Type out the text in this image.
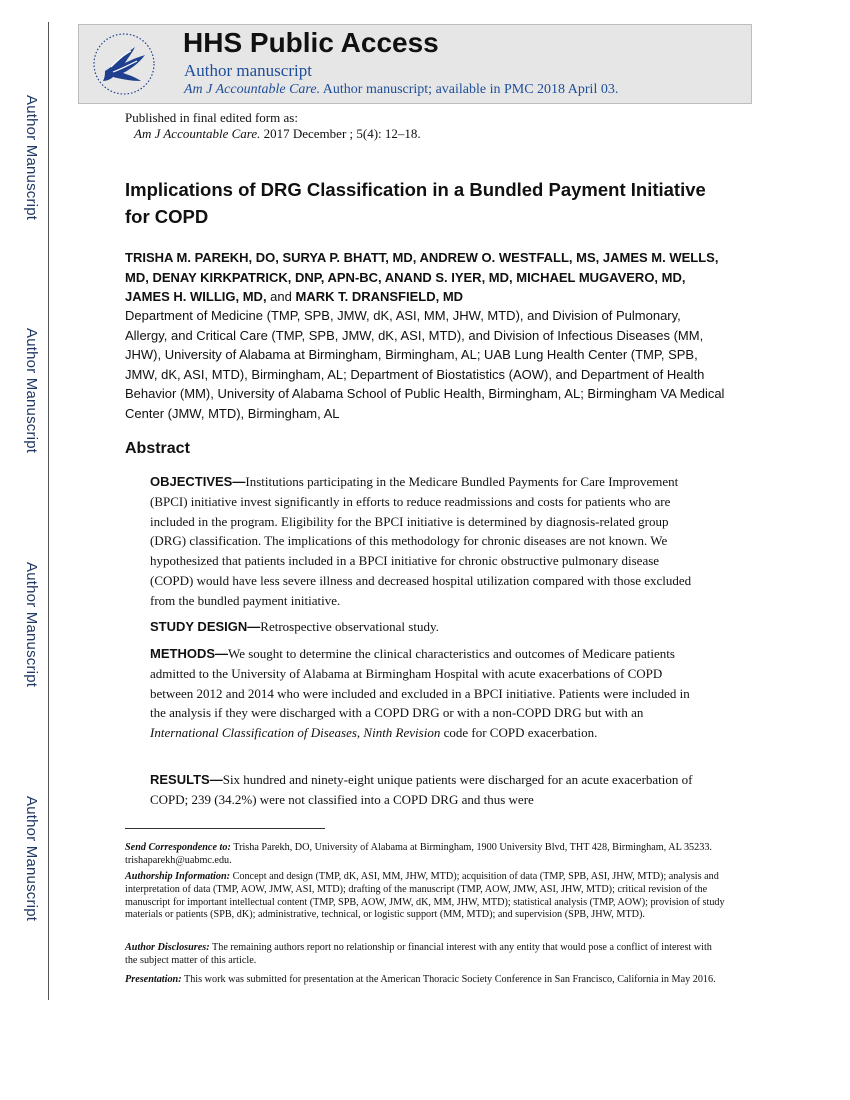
Author Manuscript
Author Manuscript
Author Manuscript
Author Manuscript
HHS Public Access
Author manuscript
Am J Accountable Care. Author manuscript; available in PMC 2018 April 03.
Published in final edited form as:
Am J Accountable Care. 2017 December ; 5(4): 12–18.
Implications of DRG Classification in a Bundled Payment Initiative for COPD
TRISHA M. PAREKH, DO, SURYA P. BHATT, MD, ANDREW O. WESTFALL, MS, JAMES M. WELLS, MD, DENAY KIRKPATRICK, DNP, APN-BC, ANAND S. IYER, MD, MICHAEL MUGAVERO, MD, JAMES H. WILLIG, MD, and MARK T. DRANSFIELD, MD
Department of Medicine (TMP, SPB, JMW, dK, ASI, MM, JHW, MTD), and Division of Pulmonary, Allergy, and Critical Care (TMP, SPB, JMW, dK, ASI, MTD), and Division of Infectious Diseases (MM, JHW), University of Alabama at Birmingham, Birmingham, AL; UAB Lung Health Center (TMP, SPB, JMW, dK, ASI, MTD), Birmingham, AL; Department of Biostatistics (AOW), and Department of Health Behavior (MM), University of Alabama School of Public Health, Birmingham, AL; Birmingham VA Medical Center (JMW, MTD), Birmingham, AL
Abstract
OBJECTIVES—Institutions participating in the Medicare Bundled Payments for Care Improvement (BPCI) initiative invest significantly in efforts to reduce readmissions and costs for patients who are included in the program. Eligibility for the BPCI initiative is determined by diagnosis-related group (DRG) classification. The implications of this methodology for chronic diseases are not known. We hypothesized that patients included in a BPCI initiative for chronic obstructive pulmonary disease (COPD) would have less severe illness and decreased hospital utilization compared with those excluded from the bundled payment initiative.
STUDY DESIGN—Retrospective observational study.
METHODS—We sought to determine the clinical characteristics and outcomes of Medicare patients admitted to the University of Alabama at Birmingham Hospital with acute exacerbations of COPD between 2012 and 2014 who were included and excluded in a BPCI initiative. Patients were included in the analysis if they were discharged with a COPD DRG or with a non-COPD DRG but with an International Classification of Diseases, Ninth Revision code for COPD exacerbation.
RESULTS—Six hundred and ninety-eight unique patients were discharged for an acute exacerbation of COPD; 239 (34.2%) were not classified into a COPD DRG and thus were
Send Correspondence to: Trisha Parekh, DO, University of Alabama at Birmingham, 1900 University Blvd, THT 428, Birmingham, AL 35233. trishaparekh@uabmc.edu.
Authorship Information: Concept and design (TMP, dK, ASI, MM, JHW, MTD); acquisition of data (TMP, SPB, ASI, JHW, MTD); analysis and interpretation of data (TMP, AOW, JMW, ASI, MTD); drafting of the manuscript (TMP, AOW, JMW, ASI, JHW, MTD); critical revision of the manuscript for important intellectual content (TMP, SPB, AOW, JMW, dK, MM, JHW, MTD); statistical analysis (TMP, AOW); provision of study materials or patients (SPB, dK); administrative, technical, or logistic support (MM, MTD); and supervision (SPB, JHW, MTD).
Author Disclosures: The remaining authors report no relationship or financial interest with any entity that would pose a conflict of interest with the subject matter of this article.
Presentation: This work was submitted for presentation at the American Thoracic Society Conference in San Francisco, California in May 2016.
